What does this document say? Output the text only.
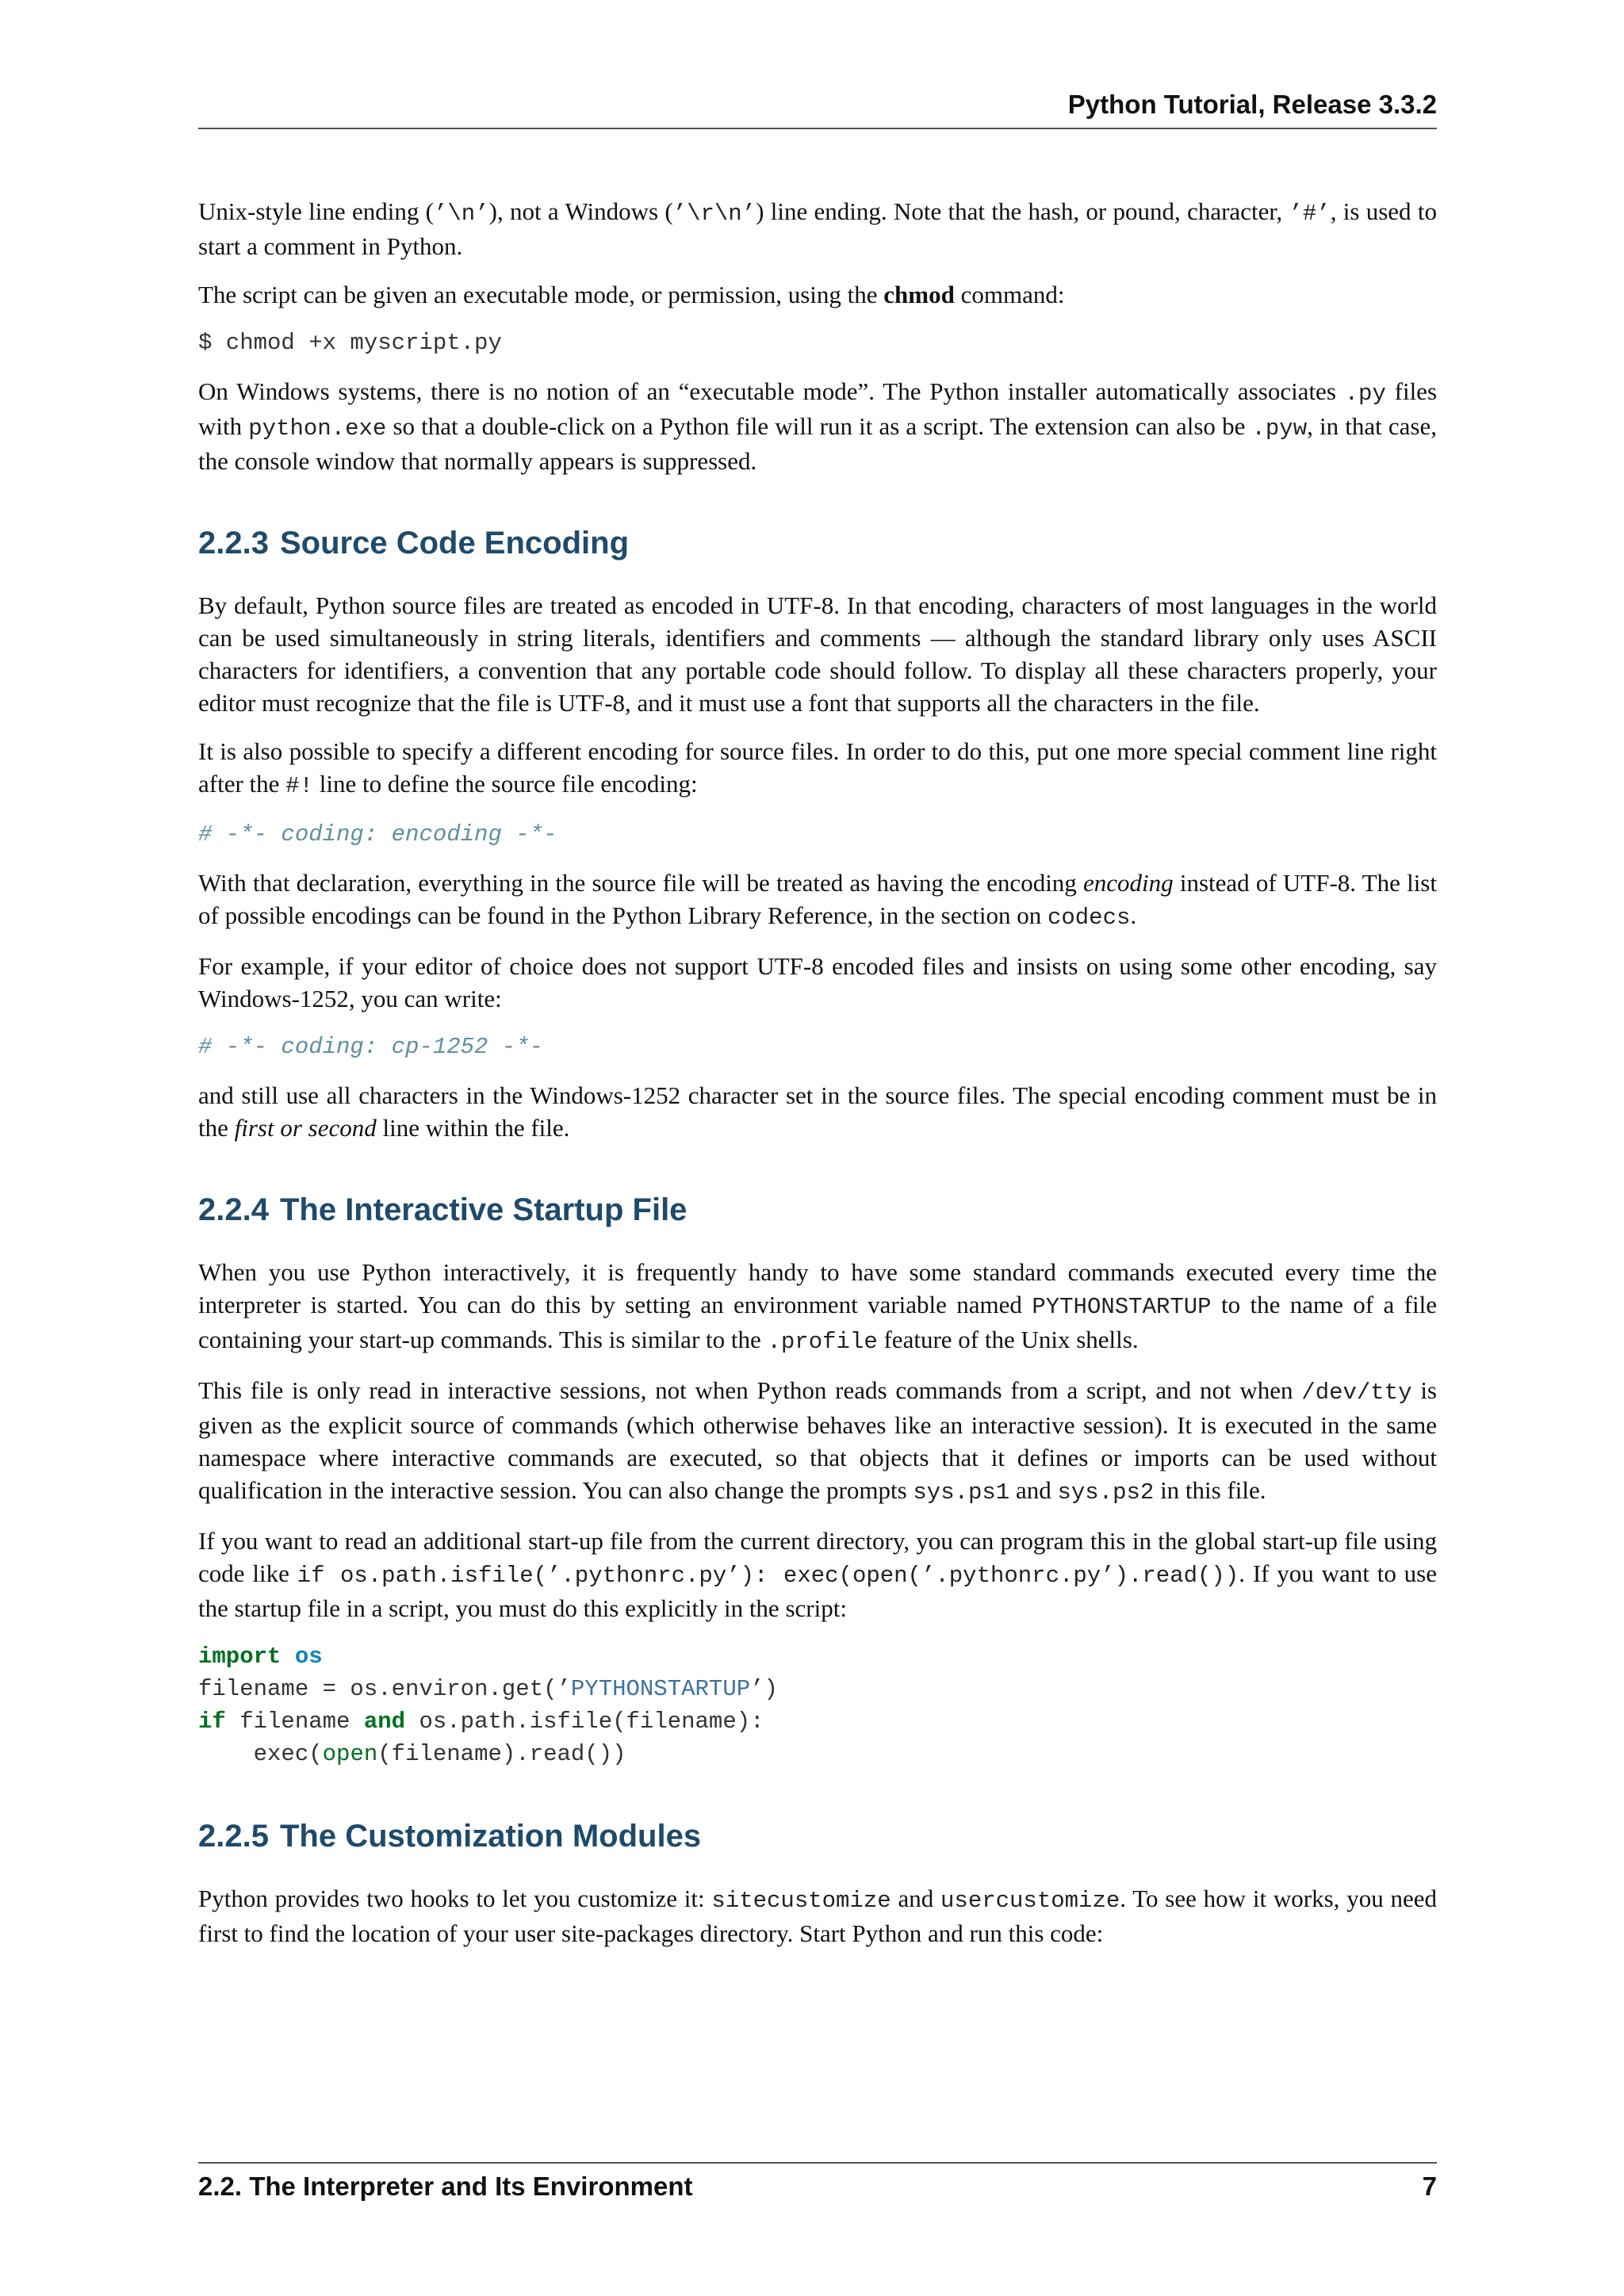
Python Tutorial, Release 3.3.2

Unix-style line ending (’\n’), not a Windows (’\r\n’) line ending. Note that the hash, or pound, character, ’#’, is used to start a comment in Python.

The script can be given an executable mode, or permission, using the chmod command:

$ chmod +x myscript.py

On Windows systems, there is no notion of an “executable mode”. The Python installer automatically associates .py files with python.exe so that a double-click on a Python file will run it as a script. The extension can also be .pyw, in that case, the console window that normally appears is suppressed.

2.2.3 Source Code Encoding

By default, Python source files are treated as encoded in UTF-8. In that encoding, characters of most languages in the world can be used simultaneously in string literals, identifiers and comments — although the standard library only uses ASCII characters for identifiers, a convention that any portable code should follow. To display all these characters properly, your editor must recognize that the file is UTF-8, and it must use a font that supports all the characters in the file.

It is also possible to specify a different encoding for source files. In order to do this, put one more special comment line right after the #! line to define the source file encoding:

# -*- coding: encoding -*-

With that declaration, everything in the source file will be treated as having the encoding encoding instead of UTF-8. The list of possible encodings can be found in the Python Library Reference, in the section on codecs.

For example, if your editor of choice does not support UTF-8 encoded files and insists on using some other encoding, say Windows-1252, you can write:

# -*- coding: cp-1252 -*-

and still use all characters in the Windows-1252 character set in the source files. The special encoding comment must be in the first or second line within the file.

2.2.4 The Interactive Startup File

When you use Python interactively, it is frequently handy to have some standard commands executed every time the interpreter is started. You can do this by setting an environment variable named PYTHONSTARTUP to the name of a file containing your start-up commands. This is similar to the .profile feature of the Unix shells.

This file is only read in interactive sessions, not when Python reads commands from a script, and not when /dev/tty is given as the explicit source of commands (which otherwise behaves like an interactive session). It is executed in the same namespace where interactive commands are executed, so that objects that it defines or imports can be used without qualification in the interactive session. You can also change the prompts sys.ps1 and sys.ps2 in this file.

If you want to read an additional start-up file from the current directory, you can program this in the global start-up file using code like if os.path.isfile(’.pythonrc.py’): exec(open(’.pythonrc.py’).read()). If you want to use the startup file in a script, you must do this explicitly in the script:

import os
filename = os.environ.get(’PYTHONSTARTUP’)
if filename and os.path.isfile(filename):
exec(open(filename).read())
2.2.5 The Customization Modules

Python provides two hooks to let you customize it: sitecustomize and usercustomize. To see how it works, you need first to find the location of your user site-packages directory. Start Python and run this code:

2.2. The Interpreter and Its Environment	7
